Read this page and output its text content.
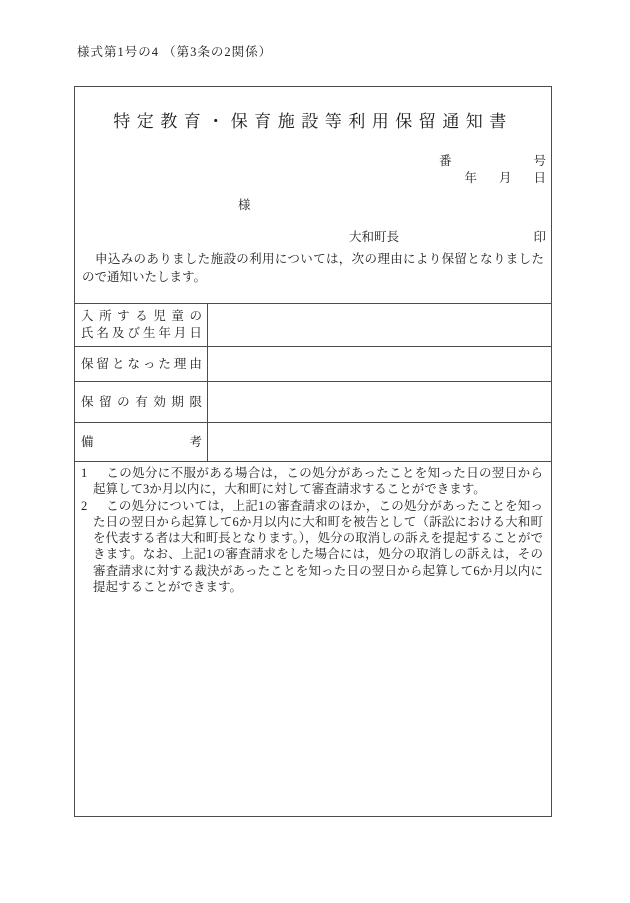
様式第1号の4 （第3条の2関係）
特定教育・保育施設等利用保留通知書
番	号
年 月 日
様
大和町長	印
申込みのありました施設の利用については，次の理由により保留となりましたので通知いたします。
入 所 す る 児 童 の
氏 名 及 び 生 年 月 日
保 留 と な っ た 理 由
保 留 の 有 効 期 限
備	考
1 この処分に不服がある場合は，この処分があったことを知った日の翌日から起算して3か月以内に，大和町に対して審査請求することができます。
2 この処分については，上記1の審査請求のほか，この処分があったことを知った日の翌日から起算して6か月以内に大和町を被告として（訴訟における大和町を代表する者は大和町長となります。），処分の取消しの訴えを提起することができます。なお、上記1の審査請求をした場合には，処分の取消しの訴えは，その審査請求に対する裁決があったことを知った日の翌日から起算して6か月以内に提起することができます。
